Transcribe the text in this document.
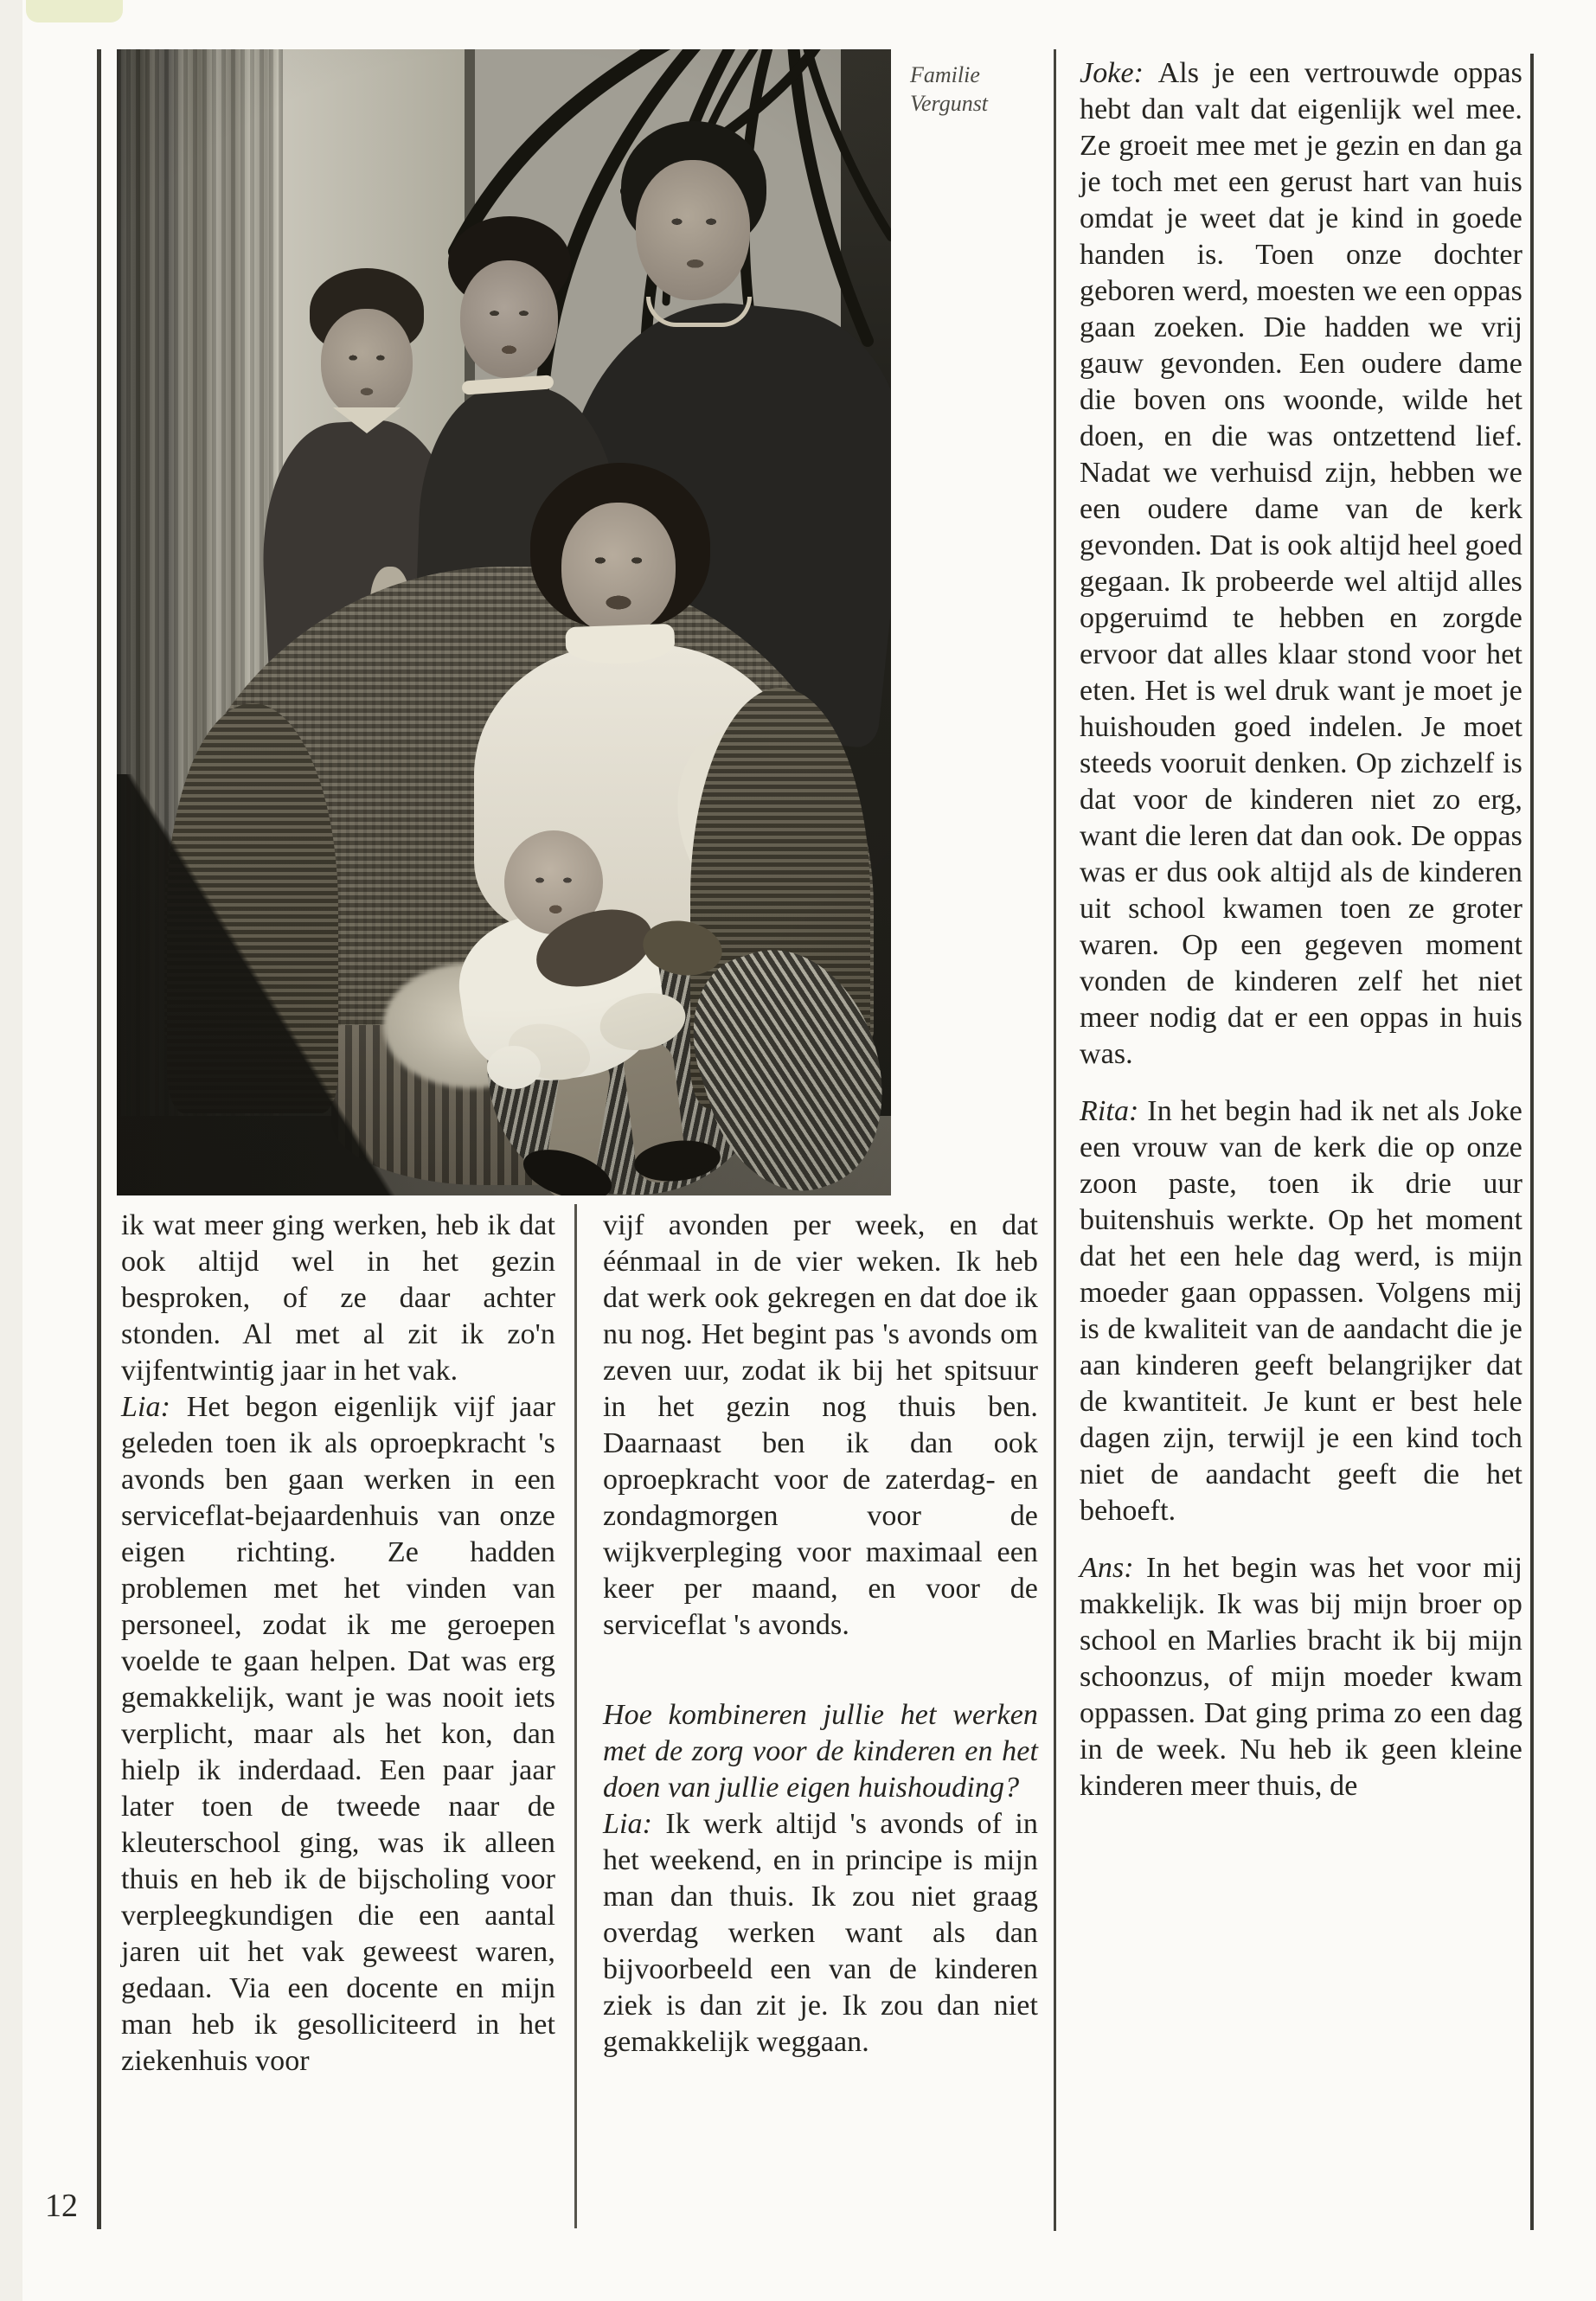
Familie Vergunst

ik wat meer ging werken, heb ik dat ook altijd wel in het gezin besproken, of ze daar achter stonden. Al met al zit ik zo'n vijfentwintig jaar in het vak.

Lia: Het begon eigenlijk vijf jaar geleden toen ik als oproepkracht 's avonds ben gaan werken in een serviceflat-bejaardenhuis van onze eigen richting. Ze hadden problemen met het vinden van personeel, zodat ik me geroepen voelde te gaan helpen. Dat was erg gemakkelijk, want je was nooit iets verplicht, maar als het kon, dan hielp ik inderdaad. Een paar jaar later toen de tweede naar de kleuterschool ging, was ik alleen thuis en heb ik de bijscholing voor verpleegkundigen die een aantal jaren uit het vak geweest waren, gedaan. Via een docente en mijn man heb ik gesolliciteerd in het ziekenhuis voor

vijf avonden per week, en dat éénmaal in de vier weken. Ik heb dat werk ook gekregen en dat doe ik nu nog. Het begint pas 's avonds om zeven uur, zodat ik bij het spitsuur in het gezin nog thuis ben. Daarnaast ben ik dan ook oproepkracht voor de zaterdag- en zondagmorgen voor de wijkverpleging voor maximaal een keer per maand, en voor de serviceflat 's avonds.

Hoe kombineren jullie het werken met de zorg voor de kinderen en het doen van jullie eigen huishouding?

Lia: Ik werk altijd 's avonds of in het weekend, en in principe is mijn man dan thuis. Ik zou niet graag overdag werken want als dan bijvoorbeeld een van de kinderen ziek is dan zit je. Ik zou dan niet gemakkelijk weggaan.

Joke: Als je een vertrouwde oppas hebt dan valt dat eigenlijk wel mee. Ze groeit mee met je gezin en dan ga je toch met een gerust hart van huis omdat je weet dat je kind in goede handen is. Toen onze dochter geboren werd, moesten we een oppas gaan zoeken. Die hadden we vrij gauw gevonden. Een oudere dame die boven ons woonde, wilde het doen, en die was ontzettend lief. Nadat we verhuisd zijn, hebben we een oudere dame van de kerk gevonden. Dat is ook altijd heel goed gegaan. Ik probeerde wel altijd alles opgeruimd te hebben en zorgde ervoor dat alles klaar stond voor het eten. Het is wel druk want je moet je huishouden goed indelen. Je moet steeds vooruit denken. Op zichzelf is dat voor de kinderen niet zo erg, want die leren dat dan ook. De oppas was er dus ook altijd als de kinderen uit school kwamen toen ze groter waren. Op een gegeven moment vonden de kinderen zelf het niet meer nodig dat er een oppas in huis was.

Rita: In het begin had ik net als Joke een vrouw van de kerk die op onze zoon paste, toen ik drie uur buitenshuis werkte. Op het moment dat het een hele dag werd, is mijn moeder gaan oppassen. Volgens mij is de kwaliteit van de aandacht die je aan kinderen geeft belangrijker dat de kwantiteit. Je kunt er best hele dagen zijn, terwijl je een kind toch niet de aandacht geeft die het behoeft.

Ans: In het begin was het voor mij makkelijk. Ik was bij mijn broer op school en Marlies bracht ik bij mijn schoonzus, of mijn moeder kwam oppassen. Dat ging prima zo een dag in de week. Nu heb ik geen kleine kinderen meer thuis, de

12
